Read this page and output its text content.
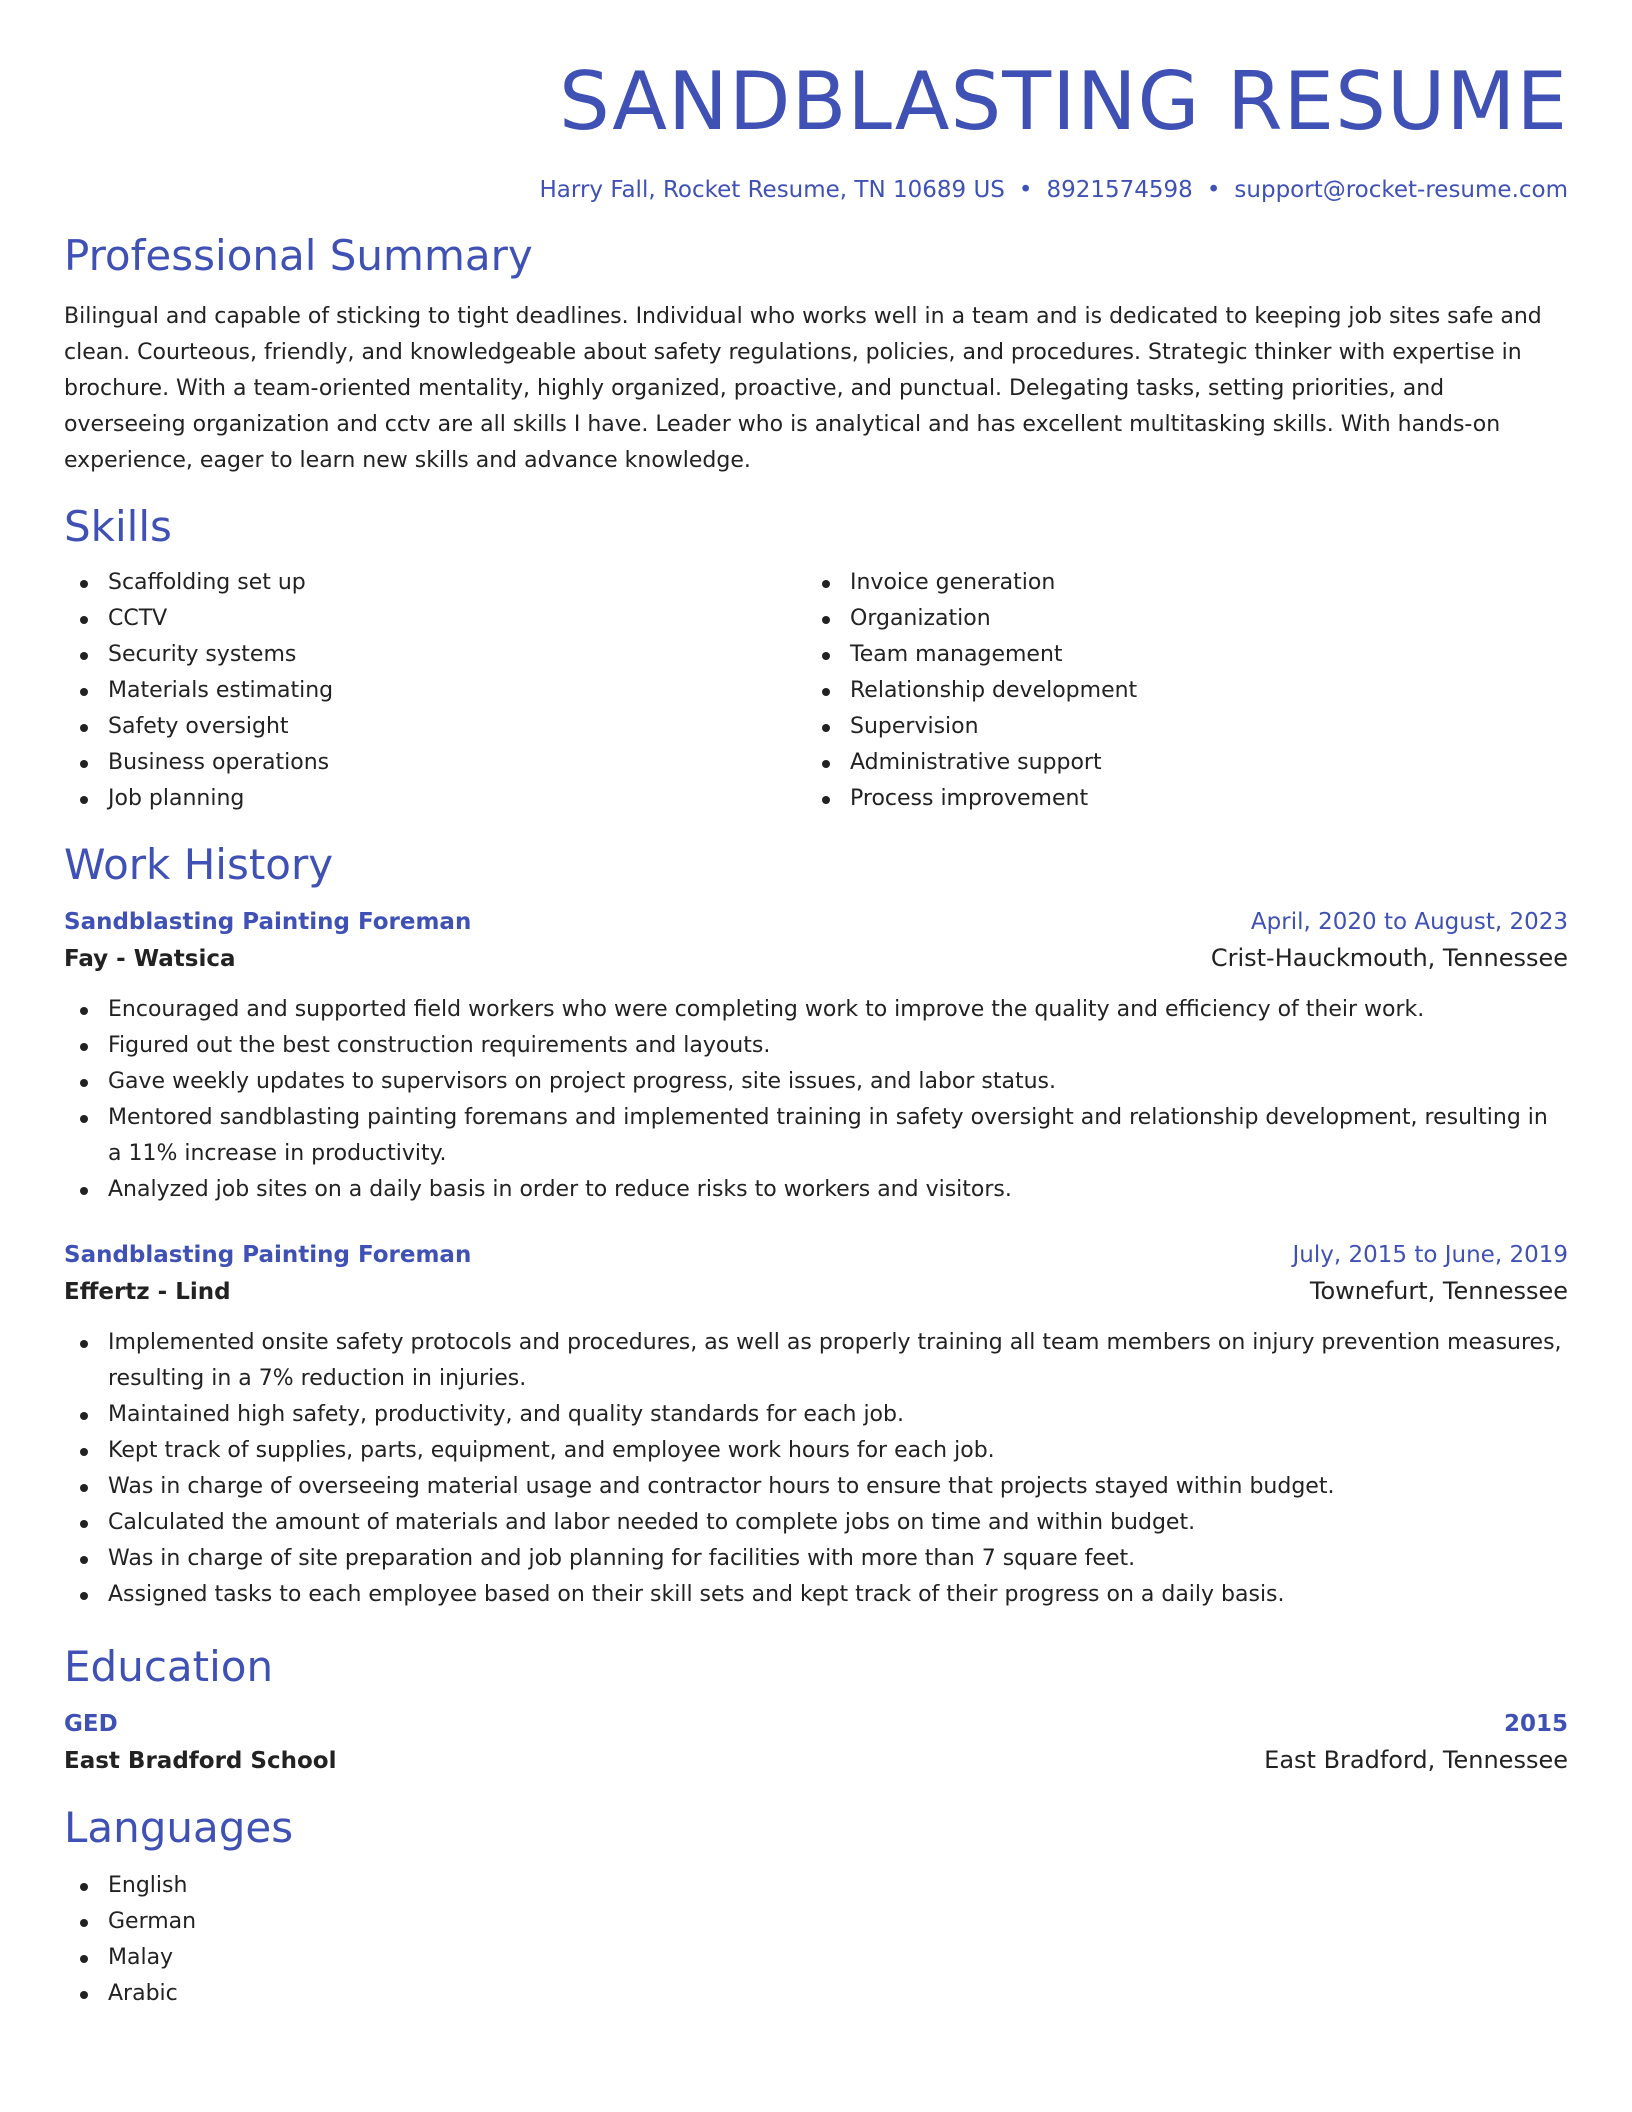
SANDBLASTING RESUME
Harry Fall, Rocket Resume, TN 10689 US • 8921574598 • support@rocket-resume.com
Professional Summary

Bilingual and capable of sticking to tight deadlines. Individual who works well in a team and is dedicated to keeping job sites safe and clean. Courteous, friendly, and knowledgeable about safety regulations, policies, and procedures. Strategic thinker with expertise in brochure. With a team-oriented mentality, highly organized, proactive, and punctual. Delegating tasks, setting priorities, and overseeing organization and cctv are all skills I have. Leader who is analytical and has excellent multitasking skills. With hands-on experience, eager to learn new skills and advance knowledge.

Skills
Scaffolding set up
CCTV
Security systems
Materials estimating
Safety oversight
Business operations
Job planning
Invoice generation
Organization
Team management
Relationship development
Supervision
Administrative support
Process improvement
Work History
Sandblasting Painting Foreman	April, 2020 to August, 2023
Fay - Watsica	Crist-Hauckmouth, Tennessee
Encouraged and supported field workers who were completing work to improve the quality and efficiency of their work.
Figured out the best construction requirements and layouts.
Gave weekly updates to supervisors on project progress, site issues, and labor status.
Mentored sandblasting painting foremans and implemented training in safety oversight and relationship development, resulting in a 11% increase in productivity.
Analyzed job sites on a daily basis in order to reduce risks to workers and visitors.
Sandblasting Painting Foreman	July, 2015 to June, 2019
Effertz - Lind	Townefurt, Tennessee
Implemented onsite safety protocols and procedures, as well as properly training all team members on injury prevention measures, resulting in a 7% reduction in injuries.
Maintained high safety, productivity, and quality standards for each job.
Kept track of supplies, parts, equipment, and employee work hours for each job.
Was in charge of overseeing material usage and contractor hours to ensure that projects stayed within budget.
Calculated the amount of materials and labor needed to complete jobs on time and within budget.
Was in charge of site preparation and job planning for facilities with more than 7 square feet.
Assigned tasks to each employee based on their skill sets and kept track of their progress on a daily basis.
Education
GED	2015
East Bradford School	East Bradford, Tennessee
Languages
English
German
Malay
Arabic
